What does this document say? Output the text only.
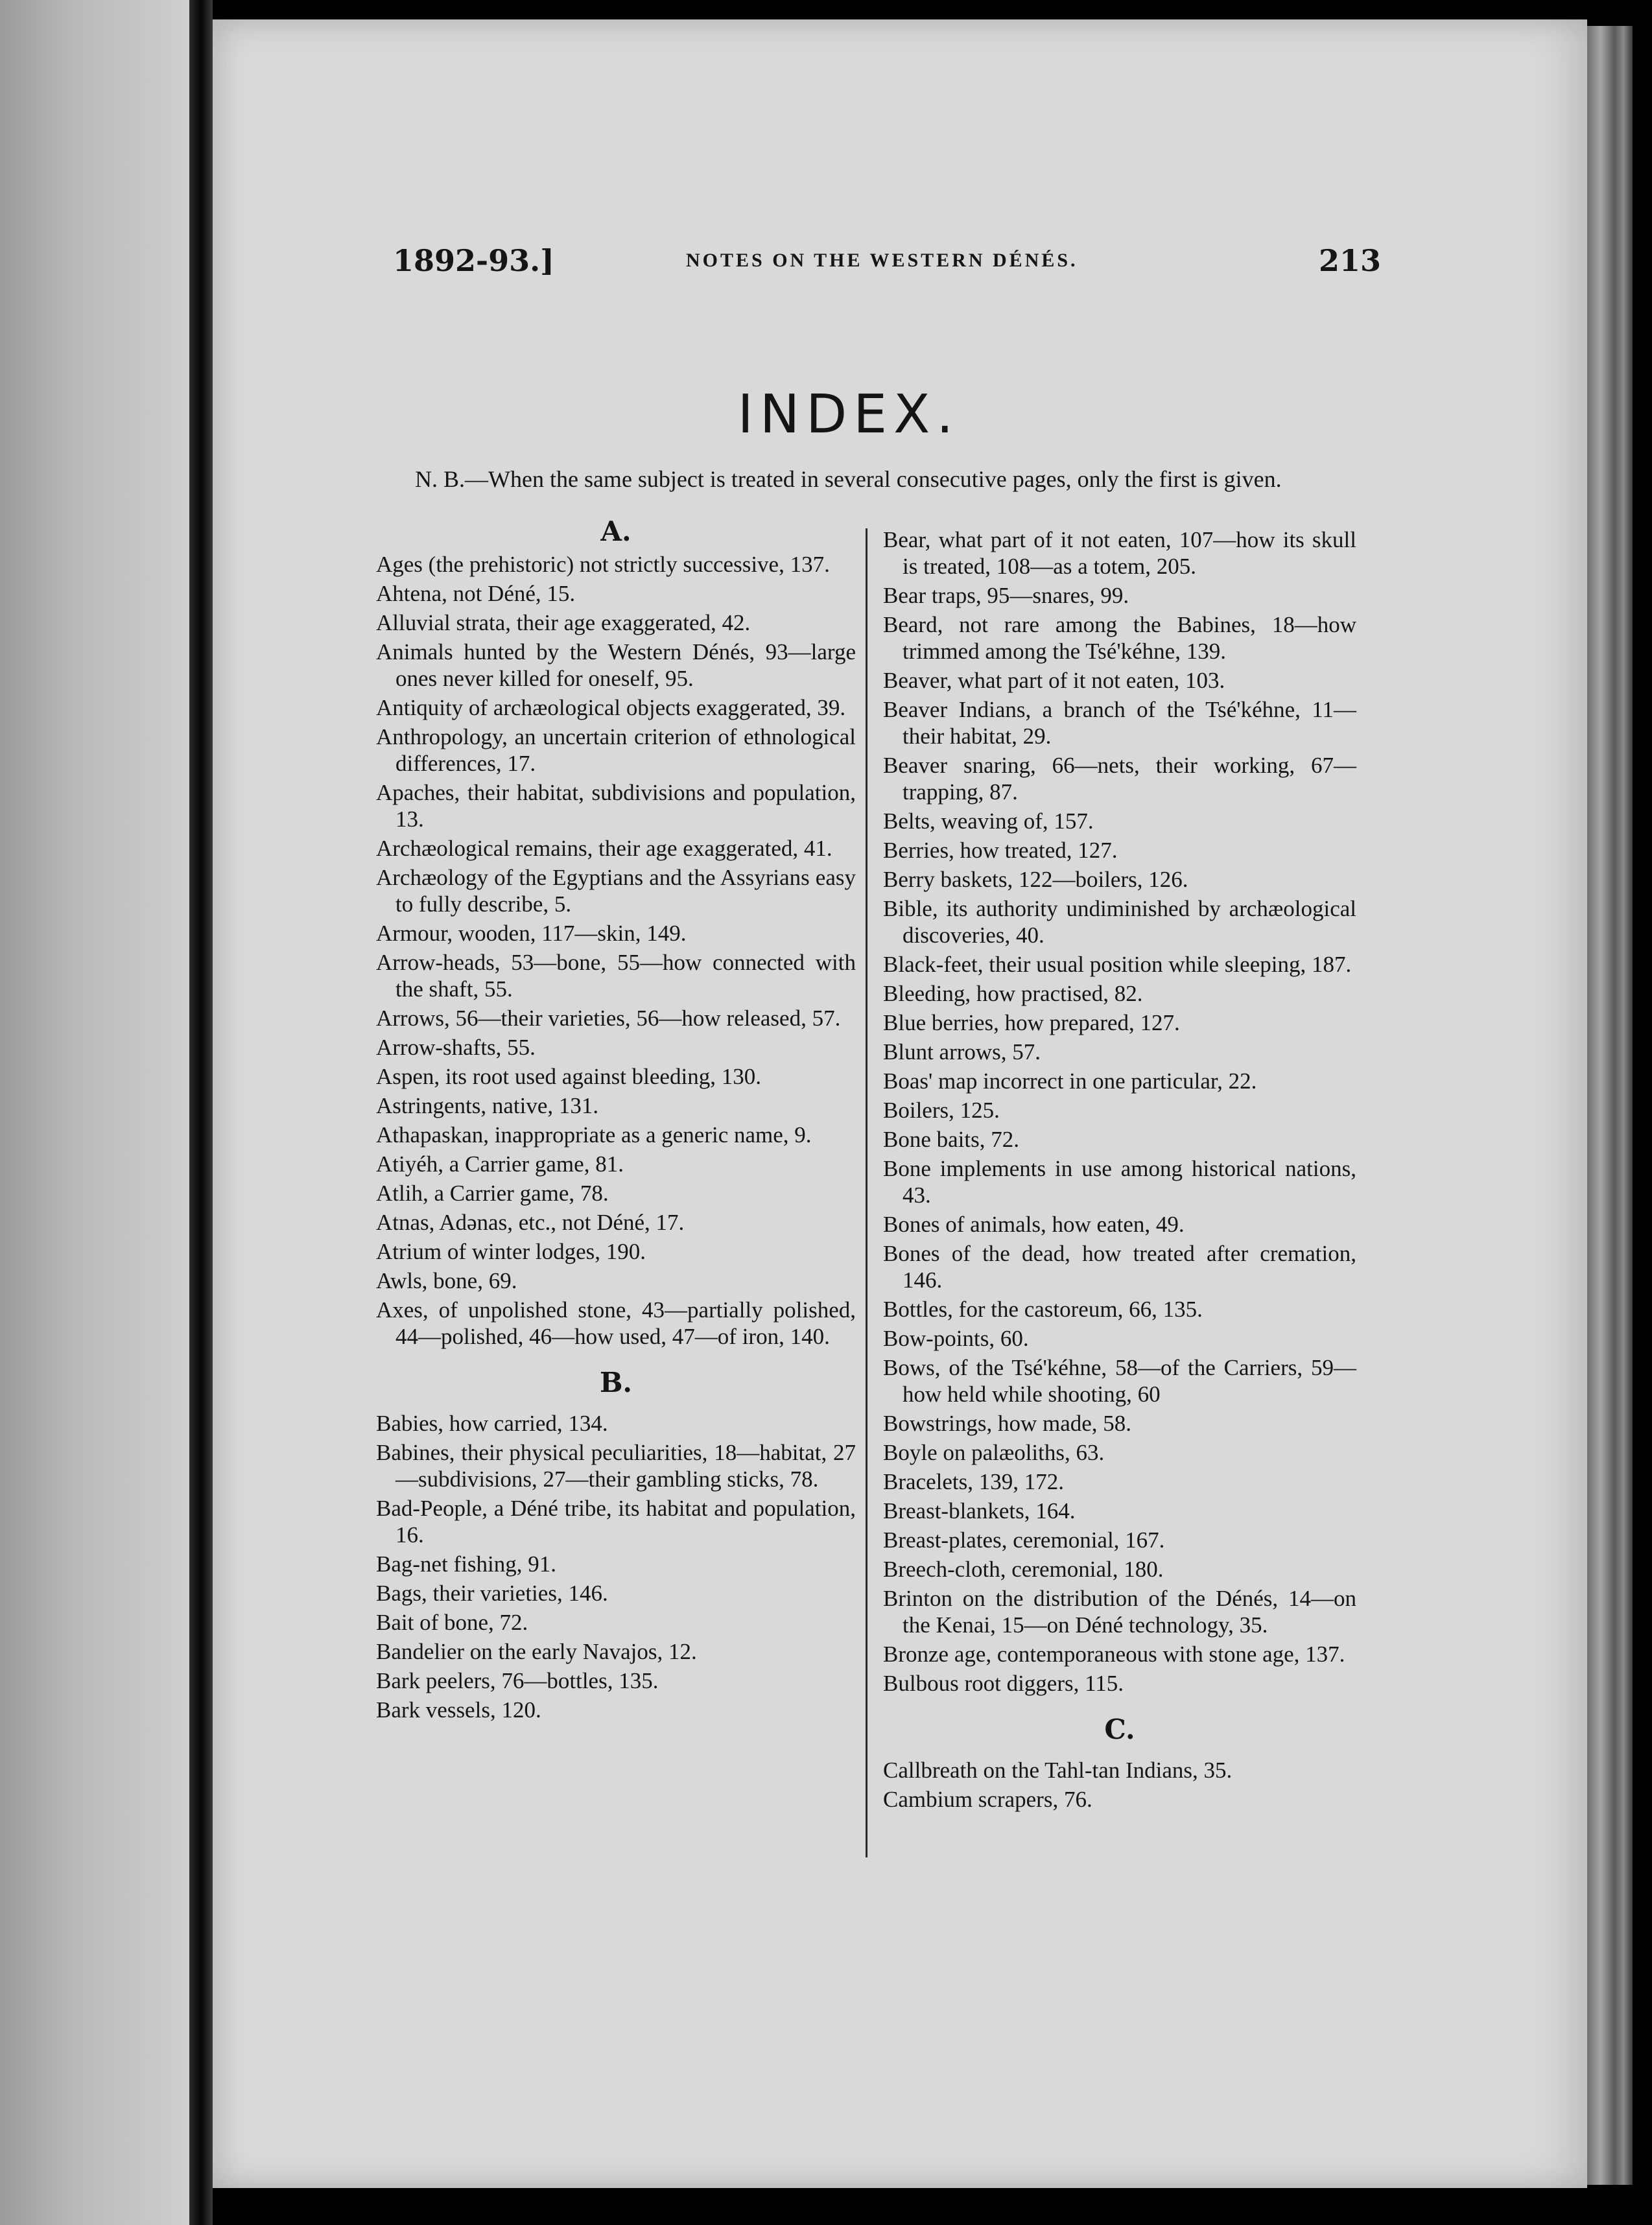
1892-93.]	NOTES ON THE WESTERN DÉNÉS.	213
INDEX.
N. B.—When the same subject is treated in several consecutive pages, only the first is given.
A.
Ages (the prehistoric) not strictly successive, 137.
Ahtena, not Déné, 15.
Alluvial strata, their age exaggerated, 42.
Animals hunted by the Western Dénés, 93—large ones never killed for oneself, 95.
Antiquity of archæological objects exaggerated, 39.
Anthropology, an uncertain criterion of ethnological differences, 17.
Apaches, their habitat, subdivisions and population, 13.
Archæological remains, their age exaggerated, 41.
Archæology of the Egyptians and the Assyrians easy to fully describe, 5.
Armour, wooden, 117—skin, 149.
Arrow-heads, 53—bone, 55—how connected with the shaft, 55.
Arrows, 56—their varieties, 56—how released, 57.
Arrow-shafts, 55.
Aspen, its root used against bleeding, 130.
Astringents, native, 131.
Athapaskan, inappropriate as a generic name, 9.
Atiyéh, a Carrier game, 81.
Atlih, a Carrier game, 78.
Atnas, Adənas, etc., not Déné, 17.
Atrium of winter lodges, 190.
Awls, bone, 69.
Axes, of unpolished stone, 43—partially polished, 44—polished, 46—how used, 47—of iron, 140.
B.
Babies, how carried, 134.
Babines, their physical peculiarities, 18—habitat, 27—subdivisions, 27—their gambling sticks, 78.
Bad-People, a Déné tribe, its habitat and population, 16.
Bag-net fishing, 91.
Bags, their varieties, 146.
Bait of bone, 72.
Bandelier on the early Navajos, 12.
Bark peelers, 76—bottles, 135.
Bark vessels, 120.
Bear, what part of it not eaten, 107—how its skull is treated, 108—as a totem, 205.
Bear traps, 95—snares, 99.
Beard, not rare among the Babines, 18—how trimmed among the Tsé'kéhne, 139.
Beaver, what part of it not eaten, 103.
Beaver Indians, a branch of the Tsé'kéhne, 11—their habitat, 29.
Beaver snaring, 66—nets, their working, 67—trapping, 87.
Belts, weaving of, 157.
Berries, how treated, 127.
Berry baskets, 122—boilers, 126.
Bible, its authority undiminished by archæological discoveries, 40.
Black-feet, their usual position while sleeping, 187.
Bleeding, how practised, 82.
Blue berries, how prepared, 127.
Blunt arrows, 57.
Boas' map incorrect in one particular, 22.
Boilers, 125.
Bone baits, 72.
Bone implements in use among historical nations, 43.
Bones of animals, how eaten, 49.
Bones of the dead, how treated after cremation, 146.
Bottles, for the castoreum, 66, 135.
Bow-points, 60.
Bows, of the Tsé'kéhne, 58—of the Carriers, 59—how held while shooting, 60
Bowstrings, how made, 58.
Boyle on palæoliths, 63.
Bracelets, 139, 172.
Breast-blankets, 164.
Breast-plates, ceremonial, 167.
Breech-cloth, ceremonial, 180.
Brinton on the distribution of the Dénés, 14—on the Kenai, 15—on Déné technology, 35.
Bronze age, contemporaneous with stone age, 137.
Bulbous root diggers, 115.
C.
Callbreath on the Tahl-tan Indians, 35.
Cambium scrapers, 76.
